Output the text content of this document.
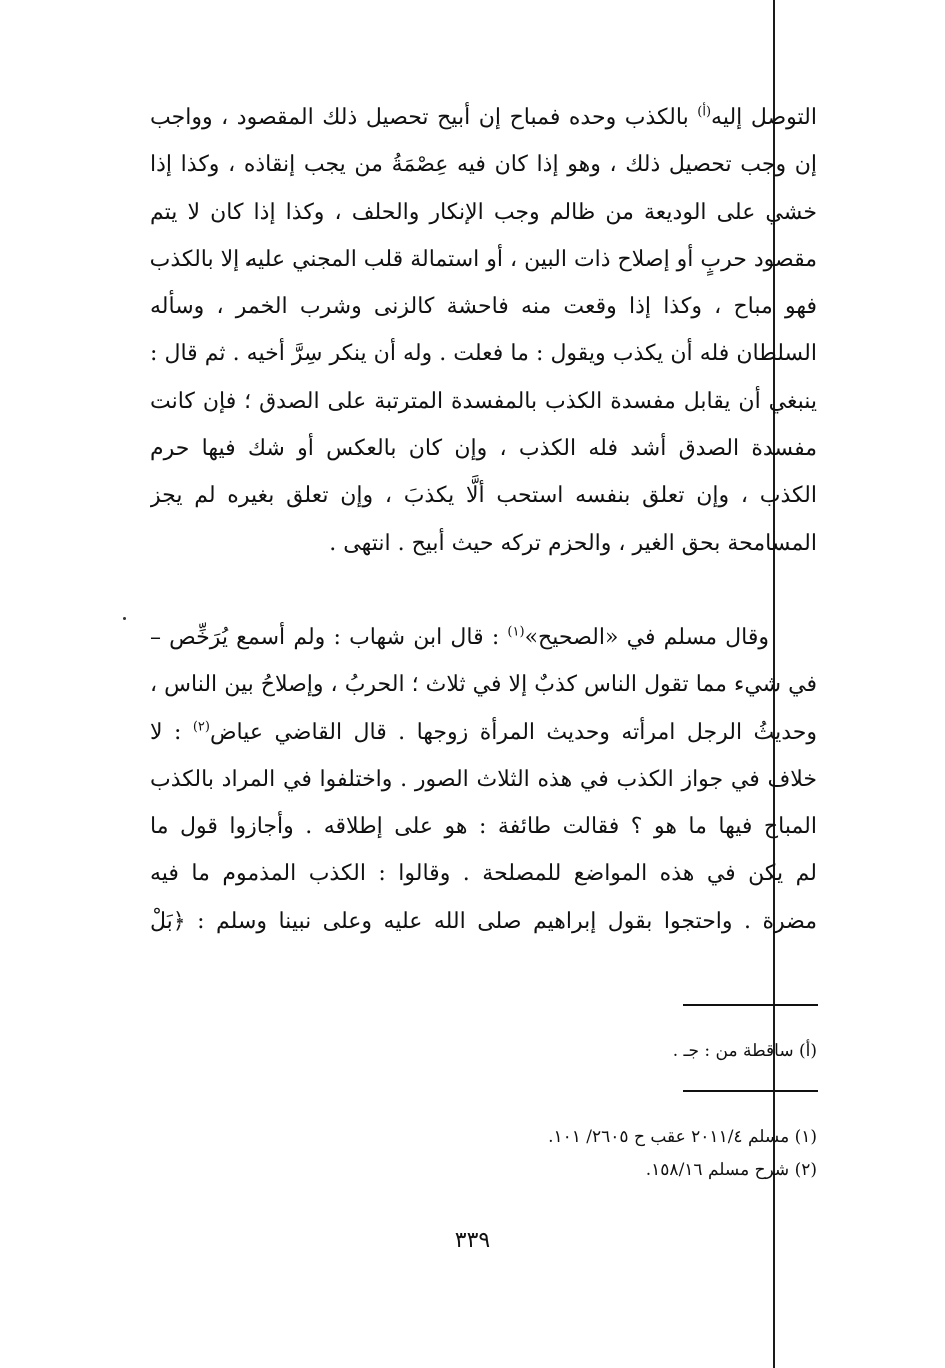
التوصل إليه$^{(أ)}$ بالكذب وحده فمباح إن أبيح تحصيل ذلك المقصود ، وواجب
إن وجب تحصيل ذلك ، وهو إذا كان فيه عِصْمَةُ من يجب إنقاذه ، وكذا إذا
خشي على الوديعة من ظالم وجب الإنكار والحلف ، وكذا إذا كان لا يتم
مقصود حربٍ أو إصلاح ذات البين ، أو استمالة قلب المجني عليه إلا بالكذب
فهو مباح ، وكذا إذا وقعت منه فاحشة كالزنى وشرب الخمر ، وسأله
السلطان فله أن يكذب ويقول : ما فعلت . وله أن ينكر سِرَّ أخيه . ثم قال :
ينبغي أن يقابل مفسدة الكذب بالمفسدة المترتبة على الصدق ؛ فإن كانت
مفسدة الصدق أشد فله الكذب ، وإن كان بالعكس أو شك فيها حرم
الكذب ، وإن تعلق بنفسه استحب ألَّا يكذبَ ، وإن تعلق بغيره لم يجز
المسامحة بحق الغير ، والحزم تركه حيث أبيح . انتهى .
وقال مسلم في «الصحيح»$^{(١)}$ : قال ابن شهاب : ولم أسمع يُرَخِّص –
في شيء مما تقول الناس كذبٌ إلا في ثلاث ؛ الحربُ ، وإصلاحُ بين الناس ،
وحديثُ الرجل امرأته وحديث المرأة زوجها . قال القاضي عياض$^{(٢)}$ : لا
خلاف في جواز الكذب في هذه الثلاث الصور . واختلفوا في المراد بالكذب
المباح فيها ما هو ؟ فقالت طائفة : هو على إطلاقه . وأجازوا قول ما
لم يكن في هذه المواضع للمصلحة . وقالوا : الكذب المذموم ما فيه
مضرة . واحتجوا بقول إبراهيم صلى الله عليه وعلى نبينا وسلم : ﴿بَلْ
(أ) ساقطة من : جـ .
(١) مسلم ٢٠١١/٤ عقب ح ٢٦٠٥/ ١٠١.
(٢) شرح مسلم ١٥٨/١٦.
٣٣٩
